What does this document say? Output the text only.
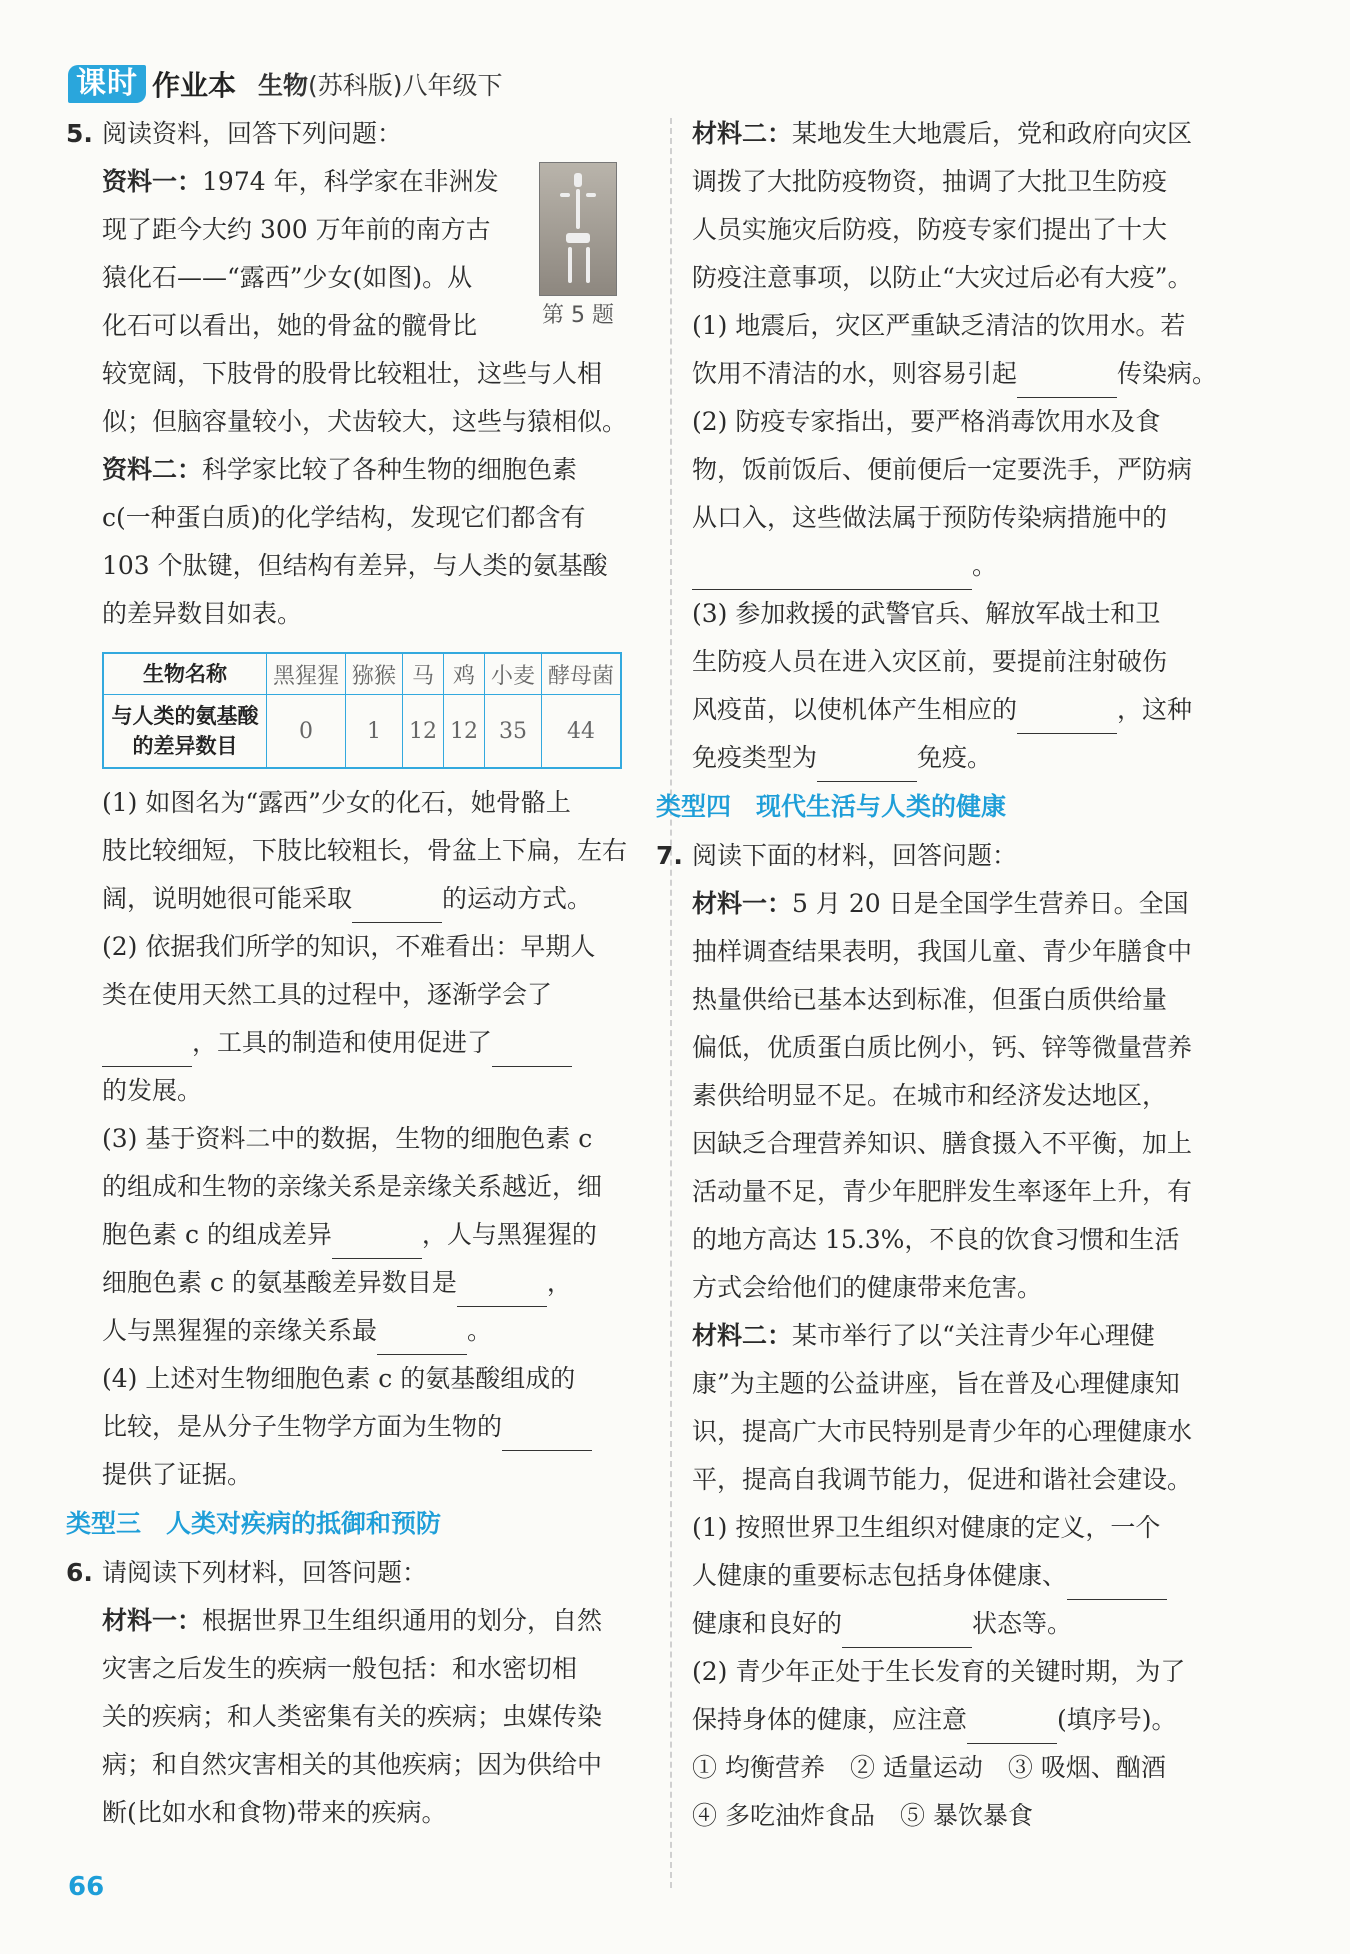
课时 作业本 生物(苏科版)八年级下

5. 阅读资料，回答下列问题：

第 5 题

资料一：1974 年，科学家在非洲发

现了距今大约 300 万年前的南方古

猿化石——“露西”少女(如图)。从

化石可以看出，她的骨盆的髋骨比

较宽阔，下肢骨的股骨比较粗壮，这些与人相

似；但脑容量较小，犬齿较大，这些与猿相似。

资料二：科学家比较了各种生物的细胞色素

c(一种蛋白质)的化学结构，发现它们都含有

103 个肽键，但结构有差异，与人类的氨基酸

的差异数目如表。

生物名称	黑猩猩	猕猴	马	鸡	小麦	酵母菌
与人类的氨基酸的差异数目	0	1	12	12	35	44

(1) 如图名为“露西”少女的化石，她骨骼上

肢比较细短，下肢比较粗长，骨盆上下扁，左右

阔，说明她很可能采取	的运动方式。

(2) 依据我们所学的知识，不难看出：早期人

类在使用天然工具的过程中，逐渐学会了

，工具的制造和使用促进了

的发展。

(3) 基于资料二中的数据，生物的细胞色素 c

的组成和生物的亲缘关系是亲缘关系越近，细

胞色素 c 的组成差异	，人与黑猩猩的

细胞色素 c 的氨基酸差异数目是	，

人与黑猩猩的亲缘关系最	。

(4) 上述对生物细胞色素 c 的氨基酸组成的

比较，是从分子生物学方面为生物的

提供了证据。

类型三　人类对疾病的抵御和预防

6. 请阅读下列材料，回答问题：

材料一：根据世界卫生组织通用的划分，自然

灾害之后发生的疾病一般包括：和水密切相

关的疾病；和人类密集有关的疾病；虫媒传染

病；和自然灾害相关的其他疾病；因为供给中

断(比如水和食物)带来的疾病。

材料二：某地发生大地震后，党和政府向灾区

调拨了大批防疫物资，抽调了大批卫生防疫

人员实施灾后防疫，防疫专家们提出了十大

防疫注意事项，以防止“大灾过后必有大疫”。

(1) 地震后，灾区严重缺乏清洁的饮用水。若

饮用不清洁的水，则容易引起	传染病。

(2) 防疫专家指出，要严格消毒饮用水及食

物，饭前饭后、便前便后一定要洗手，严防病

从口入，这些做法属于预防传染病措施中的

。

(3) 参加救援的武警官兵、解放军战士和卫

生防疫人员在进入灾区前，要提前注射破伤

风疫苗，以使机体产生相应的	，这种

免疫类型为	免疫。

类型四　现代生活与人类的健康

7. 阅读下面的材料，回答问题：

材料一：5 月 20 日是全国学生营养日。全国

抽样调查结果表明，我国儿童、青少年膳食中

热量供给已基本达到标准，但蛋白质供给量

偏低，优质蛋白质比例小，钙、锌等微量营养

素供给明显不足。在城市和经济发达地区，

因缺乏合理营养知识、膳食摄入不平衡，加上

活动量不足，青少年肥胖发生率逐年上升，有

的地方高达 15.3%，不良的饮食习惯和生活

方式会给他们的健康带来危害。

材料二：某市举行了以“关注青少年心理健

康”为主题的公益讲座，旨在普及心理健康知

识，提高广大市民特别是青少年的心理健康水

平，提高自我调节能力，促进和谐社会建设。

(1) 按照世界卫生组织对健康的定义，一个

人健康的重要标志包括身体健康、

健康和良好的	状态等。

(2) 青少年正处于生长发育的关键时期，为了

保持身体的健康，应注意	(填序号)。

① 均衡营养　② 适量运动　③ 吸烟、酗酒

④ 多吃油炸食品　⑤ 暴饮暴食

66
